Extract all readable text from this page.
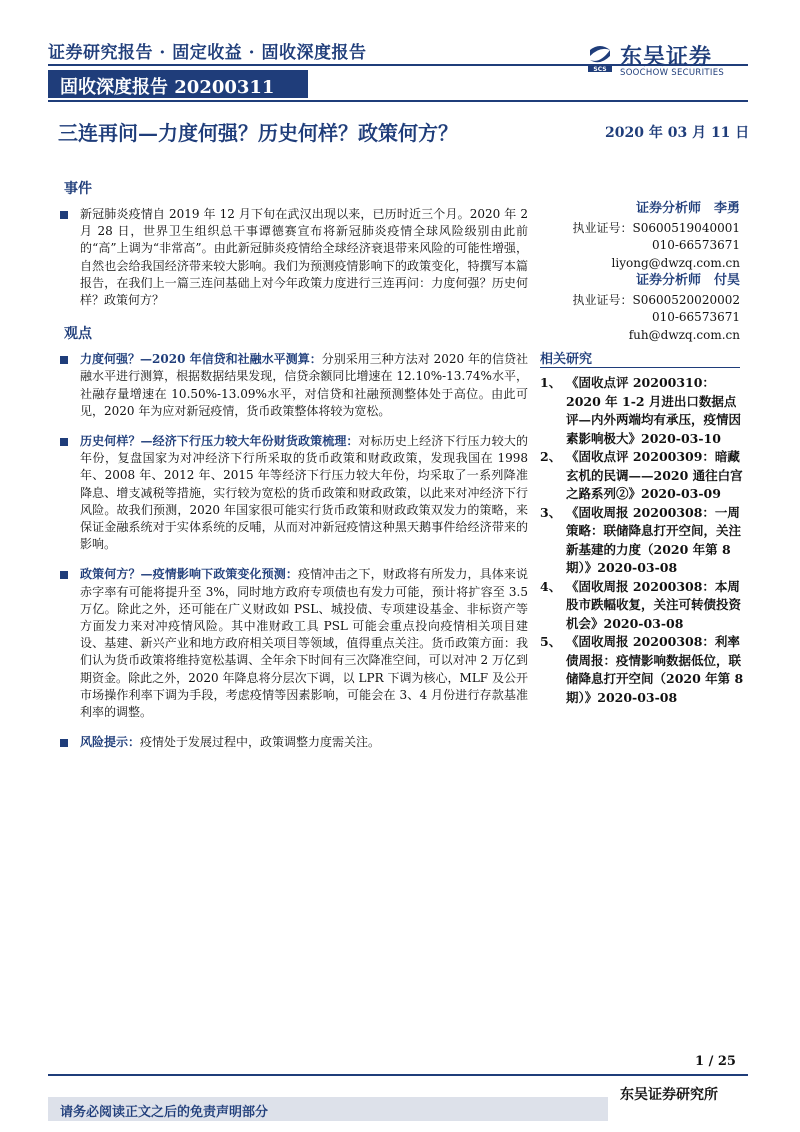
证券研究报告 · 固定收益 · 固收深度报告
固收深度报告 20200311
SCS 东吴证券
SOOCHOW SECURITIES
三连再问—力度何强？历史何样？政策何方？	2020 年 03 月 11 日
事件
新冠肺炎疫情自 2019 年 12 月下旬在武汉出现以来，已历时近三个月。2020 年 2 月 28 日，世界卫生组织总干事谭德赛宣布将新冠肺炎疫情全球风险级别由此前的“高”上调为“非常高”。由此新冠肺炎疫情给全球经济衰退带来风险的可能性增强，自然也会给我国经济带来较大影响。我们为预测疫情影响下的政策变化，特撰写本篇报告，在我们上一篇三连问基础上对今年政策力度进行三连再问：力度何强？历史何样？政策何方？
观点
力度何强？—2020 年信贷和社融水平测算：分别采用三种方法对 2020 年的信贷社融水平进行测算，根据数据结果发现，信贷余额同比增速在 12.10%-13.74%水平，社融存量增速在 10.50%-13.09%水平，对信贷和社融预测整体处于高位。由此可见，2020 年为应对新冠疫情，货币政策整体将较为宽松。
历史何样？—经济下行压力较大年份财货政策梳理：对标历史上经济下行压力较大的年份，复盘国家为对冲经济下行所采取的货币政策和财政政策，发现我国在 1998 年、2008 年、2012 年、2015 年等经济下行压力较大年份，均采取了一系列降准降息、增支减税等措施，实行较为宽松的货币政策和财政政策，以此来对冲经济下行风险。故我们预测，2020 年国家很可能实行货币政策和财政政策双发力的策略，来保证金融系统对于实体系统的反哺，从而对冲新冠疫情这种黑天鹅事件给经济带来的影响。
政策何方？—疫情影响下政策变化预测：疫情冲击之下，财政将有所发力，具体来说赤字率有可能将提升至 3%，同时地方政府专项债也有发力可能，预计将扩容至 3.5 万亿。除此之外，还可能在广义财政如 PSL、城投债、专项建设基金、非标资产等方面发力来对冲疫情风险。其中准财政工具 PSL 可能会重点投向疫情相关项目建设、基建、新兴产业和地方政府相关项目等领域，值得重点关注。货币政策方面：我们认为货币政策将维持宽松基调、全年余下时间有三次降准空间，可以对冲 2 万亿到期资金。除此之外，2020 年降息将分层次下调，以 LPR 下调为核心，MLF 及公开市场操作利率下调为手段，考虑疫情等因素影响，可能会在 3、4 月份进行存款基准利率的调整。
风险提示：疫情处于发展过程中，政策调整力度需关注。
证券分析师　李勇
执业证号：S0600519040001
010-66573671
liyong@dwzq.com.cn
证券分析师　付昊
执业证号：S0600520020002
010-66573671
fuh@dwzq.com.cn
相关研究
1、 《固收点评 20200310：2020 年 1-2 月进出口数据点评—内外两端均有承压，疫情因素影响极大》2020-03-10
2、 《固收点评 20200309：暗藏玄机的民调——2020 通往白宫之路系列②》2020-03-09
3、 《固收周报 20200308：一周策略：联储降息打开空间，关注新基建的力度（2020 年第 8 期）》2020-03-08
4、 《固收周报 20200308：本周股市跌幅收复，关注可转债投资机会》2020-03-08
5、 《固收周报 20200308：利率债周报：疫情影响数据低位，联储降息打开空间（2020 年第 8 期）》2020-03-08
1 / 25
东吴证券研究所
请务必阅读正文之后的免责声明部分
